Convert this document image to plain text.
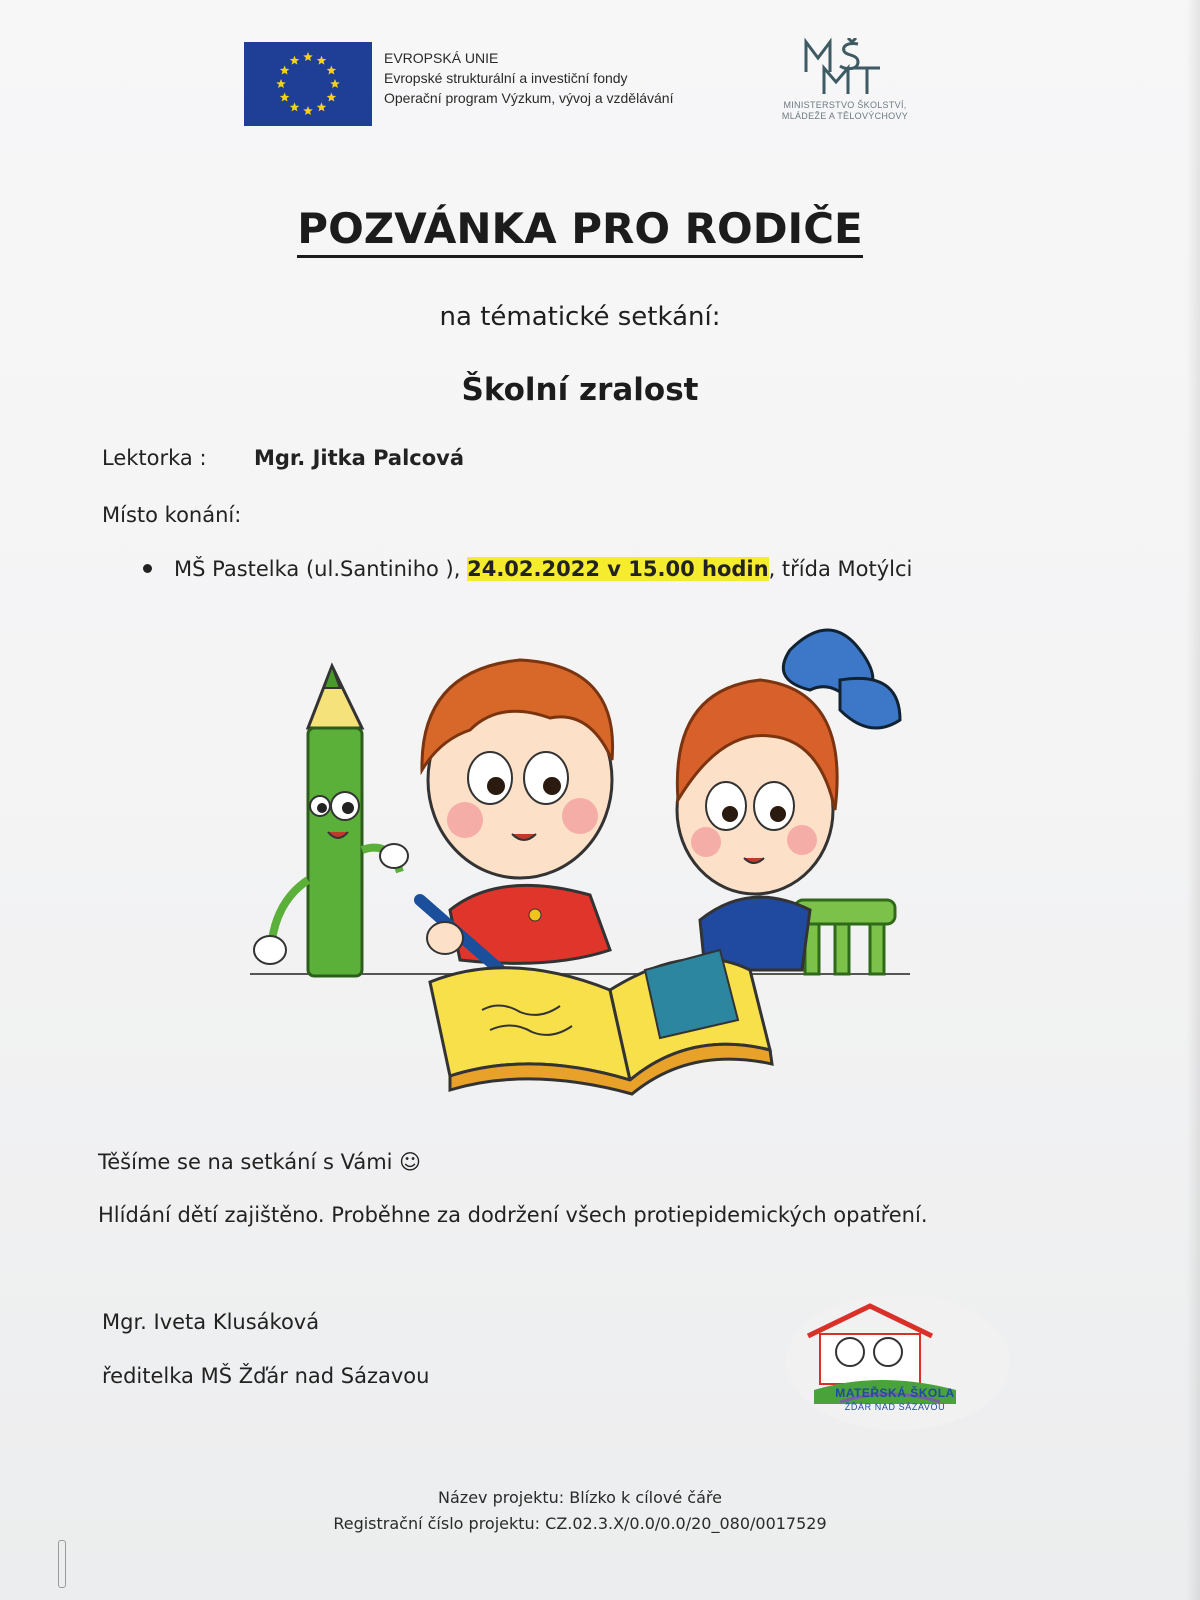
EVROPSKÁ UNIE
Evropské strukturální a investiční fondy
Operační program Výzkum, vývoj a vzdělávání	MINISTERSTVO ŠKOLSTVÍ,
MLÁDEŽE A TĚLOVÝCHOVY
POZVÁNKA PRO RODIČE
na tématické setkání:
Školní zralost
Lektorka : Mgr. Jitka Palcová
Místo konání:
MŠ Pastelka (ul.Santiniho ), 24.02.2022 v 15.00 hodin, třída Motýlci
Těšíme se na setkání s Vámi ☺
Hlídání dětí zajištěno. Proběhne za dodržení všech protiepidemických opatření.
Mgr. Iveta Klusáková
ředitelka MŠ Žďár nad Sázavou
MATEŘSKÁ ŠKOLA
ŽĎÁR NAD SÁZAVOU
Název projektu: Blízko k cílové čáře
Registrační číslo projektu: CZ.02.3.X/0.0/0.0/20_080/0017529
